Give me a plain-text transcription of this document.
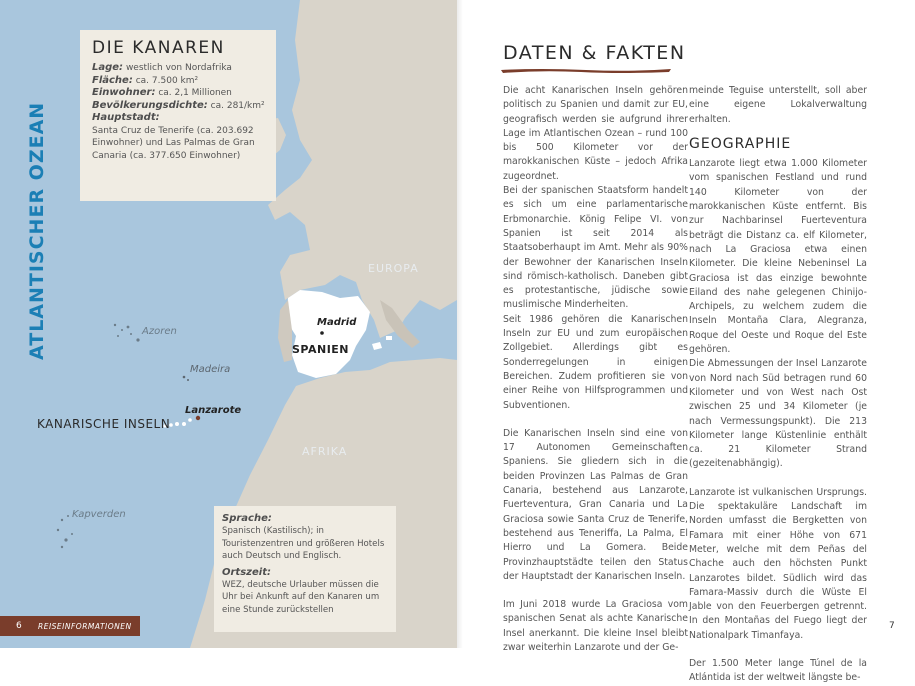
ATLANTISCHER OZEAN	EUROPA
AFRIKA
Azoren
Madeira
Kapverden
Lanzarote
Madrid
SPANIEN
KANARISCHE INSELN
DIE KANAREN
Lage: westlich von Nordafrika
Fläche: ca. 7.500 km²
Einwohner: ca. 2,1 Millionen
Bevölkerungsdichte: ca. 281/km²
Hauptstadt:
Santa Cruz de Tenerife (ca. 203.692 Einwohner) und Las Palmas de Gran Canaria (ca. 377.650 Einwohner)
Sprache:
Spanisch (Kastilisch); in Touristenzentren und größeren Hotels auch Deutsch und Englisch.
Ortszeit:
WEZ, deutsche Urlauber müssen die Uhr bei Ankunft auf den Kanaren um eine Stunde zurückstellen
6	REISEINFORMATIONEN
DATEN & FAKTEN

Die acht Kanarischen Inseln gehören politisch zu Spanien und damit zur EU, geografisch werden sie aufgrund ihrer Lage im Atlantischen Ozean – rund 100 bis 500 Kilometer vor der marokkanischen Küste – jedoch Afrika zugeordnet.

Bei der spanischen Staatsform handelt es sich um eine parlamentarische Erbmonarchie. König Felipe VI. von Spanien ist seit 2014 als Staatsoberhaupt im Amt. Mehr als 90% der Bewohner der Kanarischen Inseln sind römisch-katholisch. Daneben gibt es protestantische, jüdische sowie muslimische Minderheiten.

Seit 1986 gehören die Kanarischen Inseln zur EU und zum europäischen Zollgebiet. Allerdings gibt es Sonderregelungen in einigen Bereichen. Zudem profitieren sie von einer Reihe von Hilfsprogrammen und Subventionen.

Die Kanarischen Inseln sind eine von 17 Autonomen Gemeinschaften Spaniens. Sie gliedern sich in die beiden Provinzen Las Palmas de Gran Canaria, bestehend aus Lanzarote, Fuerteventura, Gran Canaria und La Graciosa sowie Santa Cruz de Tenerife, bestehend aus Teneriffa, La Palma, El Hierro und La Gomera. Beide Provinzhauptstädte teilen den Status der Hauptstadt der Kanarischen Inseln.

Im Juni 2018 wurde La Graciosa vom spanischen Senat als achte Kanarische Insel anerkannt. Die kleine Insel bleibt zwar weiterhin Lanzarote und der Ge-

meinde Teguise unterstellt, soll aber eine eigene Lokalverwaltung erhalten.

GEOGRAPHIE

Lanzarote liegt etwa 1.000 Kilometer vom spanischen Festland und rund 140 Kilometer von der marokkanischen Küste entfernt. Bis zur Nachbarinsel Fuerteventura beträgt die Distanz ca. elf Kilometer, nach La Graciosa etwa einen Kilometer. Die kleine Nebeninsel La Graciosa ist das einzige bewohnte Eiland des nahe gelegenen Chinijo-Archipels, zu welchem zudem die Inseln Montaña Clara, Alegranza, Roque del Oeste und Roque del Este gehören.

Die Abmessungen der Insel Lanzarote von Nord nach Süd betragen rund 60 Kilometer und von West nach Ost zwischen 25 und 34 Kilometer (je nach Vermessungspunkt). Die 213 Kilometer lange Küstenlinie enthält ca. 21 Kilometer Strand (gezeitenabhängig).

Lanzarote ist vulkanischen Ursprungs. Die spektakuläre Landschaft im Norden umfasst die Bergketten von Famara mit einer Höhe von 671 Meter, welche mit dem Peñas del Chache auch den höchsten Punkt Lanzarotes bildet. Südlich wird das Famara-Massiv durch die Wüste El Jable von den Feuerbergen getrennt. In den Montañas del Fuego liegt der Nationalpark Timanfaya.

Der 1.500 Meter lange Túnel de la Atlántida ist der weltweit längste be-

7
